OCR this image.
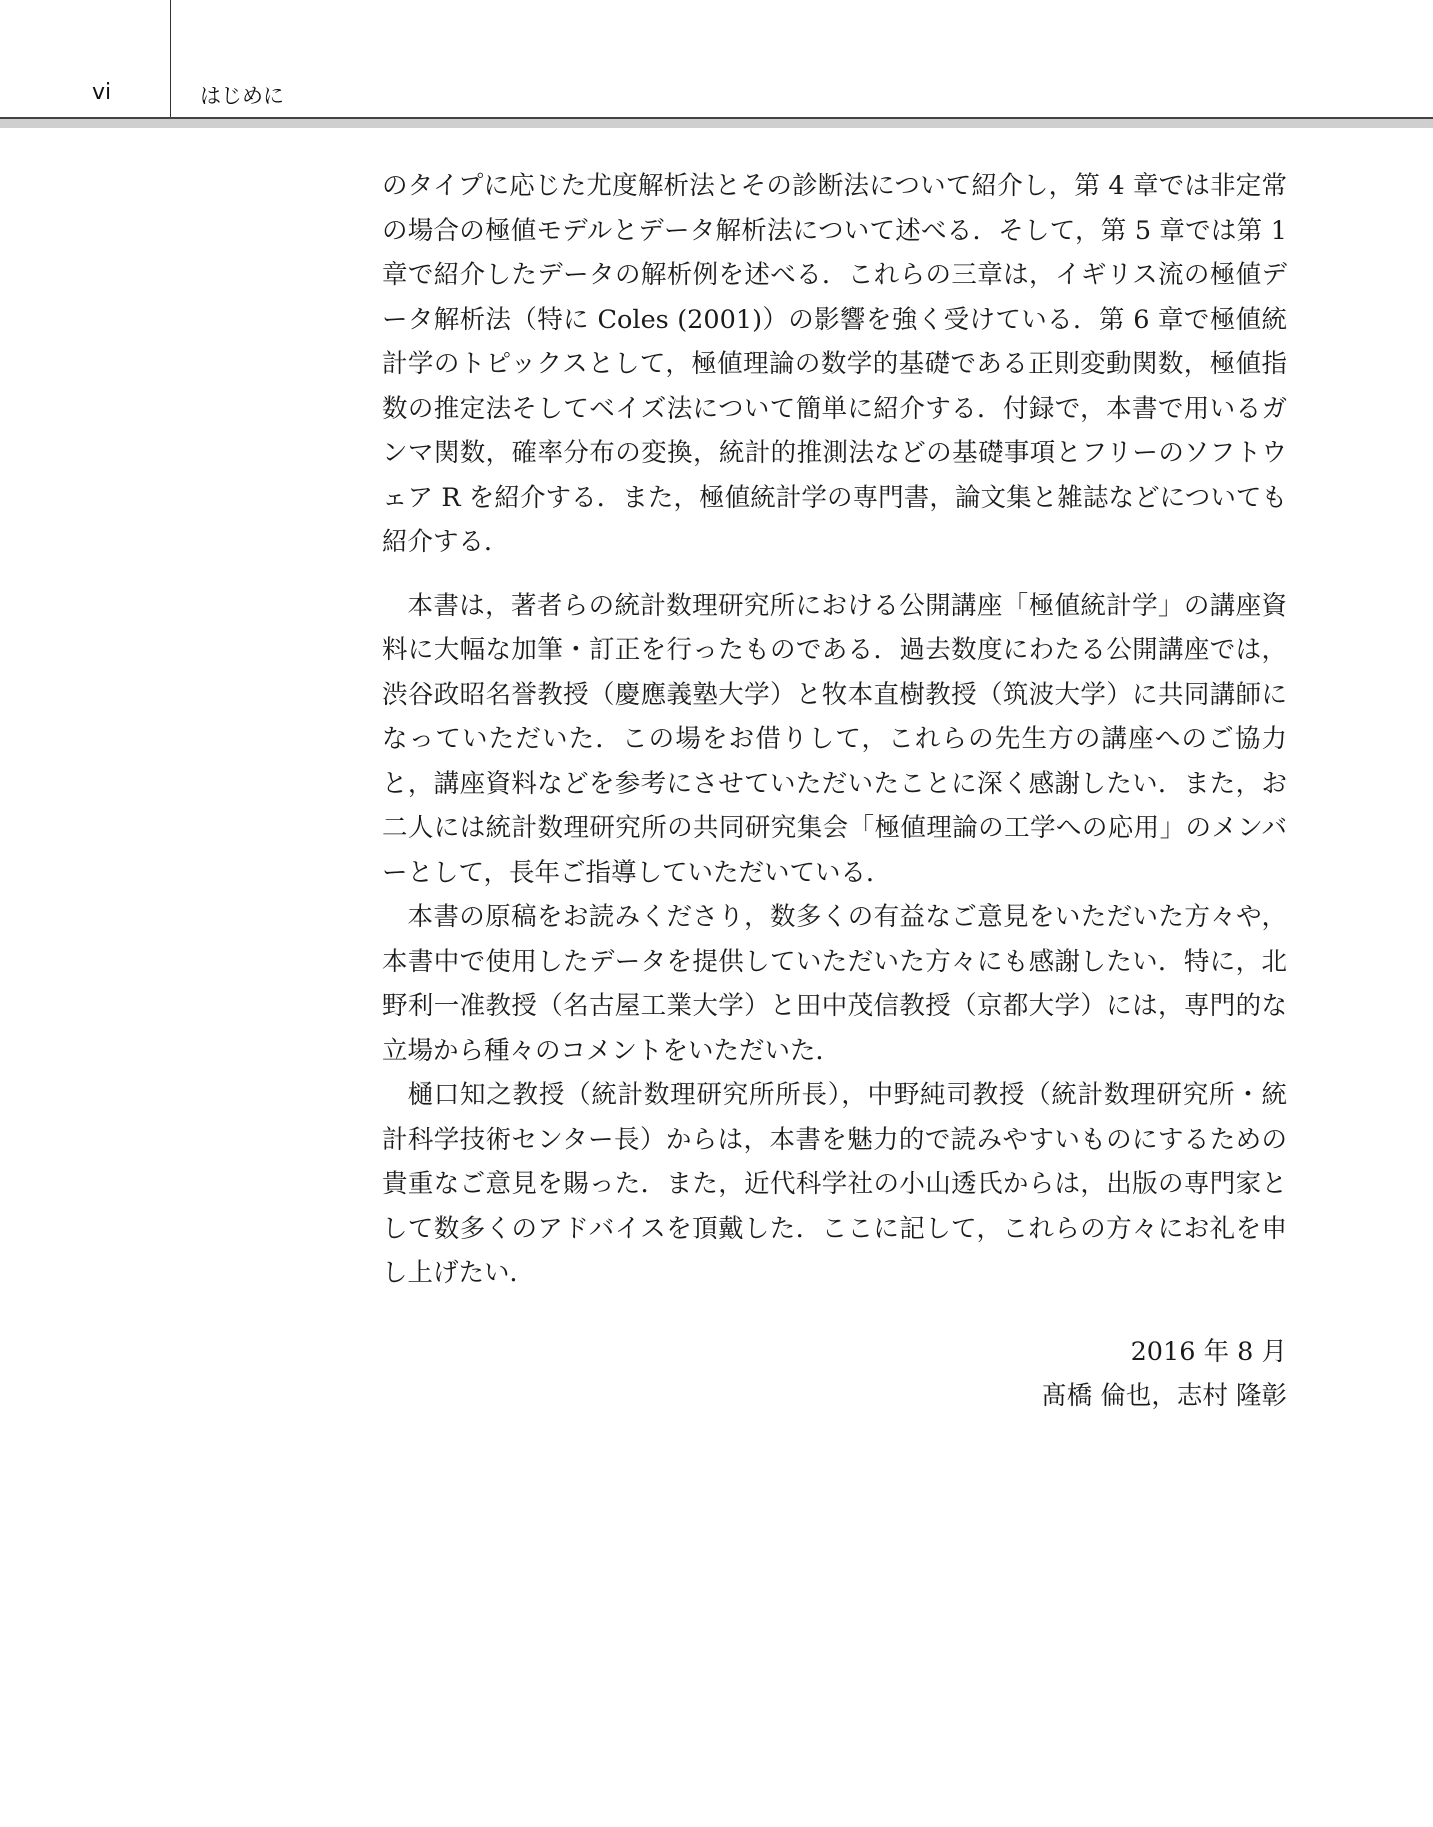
vi	はじめに

のタイプに応じた尤度解析法とその診断法について紹介し，第 4 章では非定常の場合の極値モデルとデータ解析法について述べる．そして，第 5 章では第 1 章で紹介したデータの解析例を述べる．これらの三章は，イギリス流の極値データ解析法（特に Coles (2001)）の影響を強く受けている．第 6 章で極値統計学のトピックスとして，極値理論の数学的基礎である正則変動関数，極値指数の推定法そしてベイズ法について簡単に紹介する．付録で，本書で用いるガンマ関数，確率分布の変換，統計的推測法などの基礎事項とフリーのソフトウェア R を紹介する．また，極値統計学の専門書，論文集と雑誌などについても紹介する．

本書は，著者らの統計数理研究所における公開講座「極値統計学」の講座資料に大幅な加筆・訂正を行ったものである．過去数度にわたる公開講座では，渋谷政昭名誉教授（慶應義塾大学）と牧本直樹教授（筑波大学）に共同講師になっていただいた．この場をお借りして，これらの先生方の講座へのご協力と，講座資料などを参考にさせていただいたことに深く感謝したい．また，お二人には統計数理研究所の共同研究集会「極値理論の工学への応用」のメンバーとして，長年ご指導していただいている．

本書の原稿をお読みくださり，数多くの有益なご意見をいただいた方々や，本書中で使用したデータを提供していただいた方々にも感謝したい．特に，北野利一准教授（名古屋工業大学）と田中茂信教授（京都大学）には，専門的な立場から種々のコメントをいただいた．

樋口知之教授（統計数理研究所所長），中野純司教授（統計数理研究所・統計科学技術センター長）からは，本書を魅力的で読みやすいものにするための貴重なご意見を賜った．また，近代科学社の小山透氏からは，出版の専門家として数多くのアドバイスを頂戴した．ここに記して，これらの方々にお礼を申し上げたい．

2016 年 8 月
髙橋 倫也，志村 隆彰
